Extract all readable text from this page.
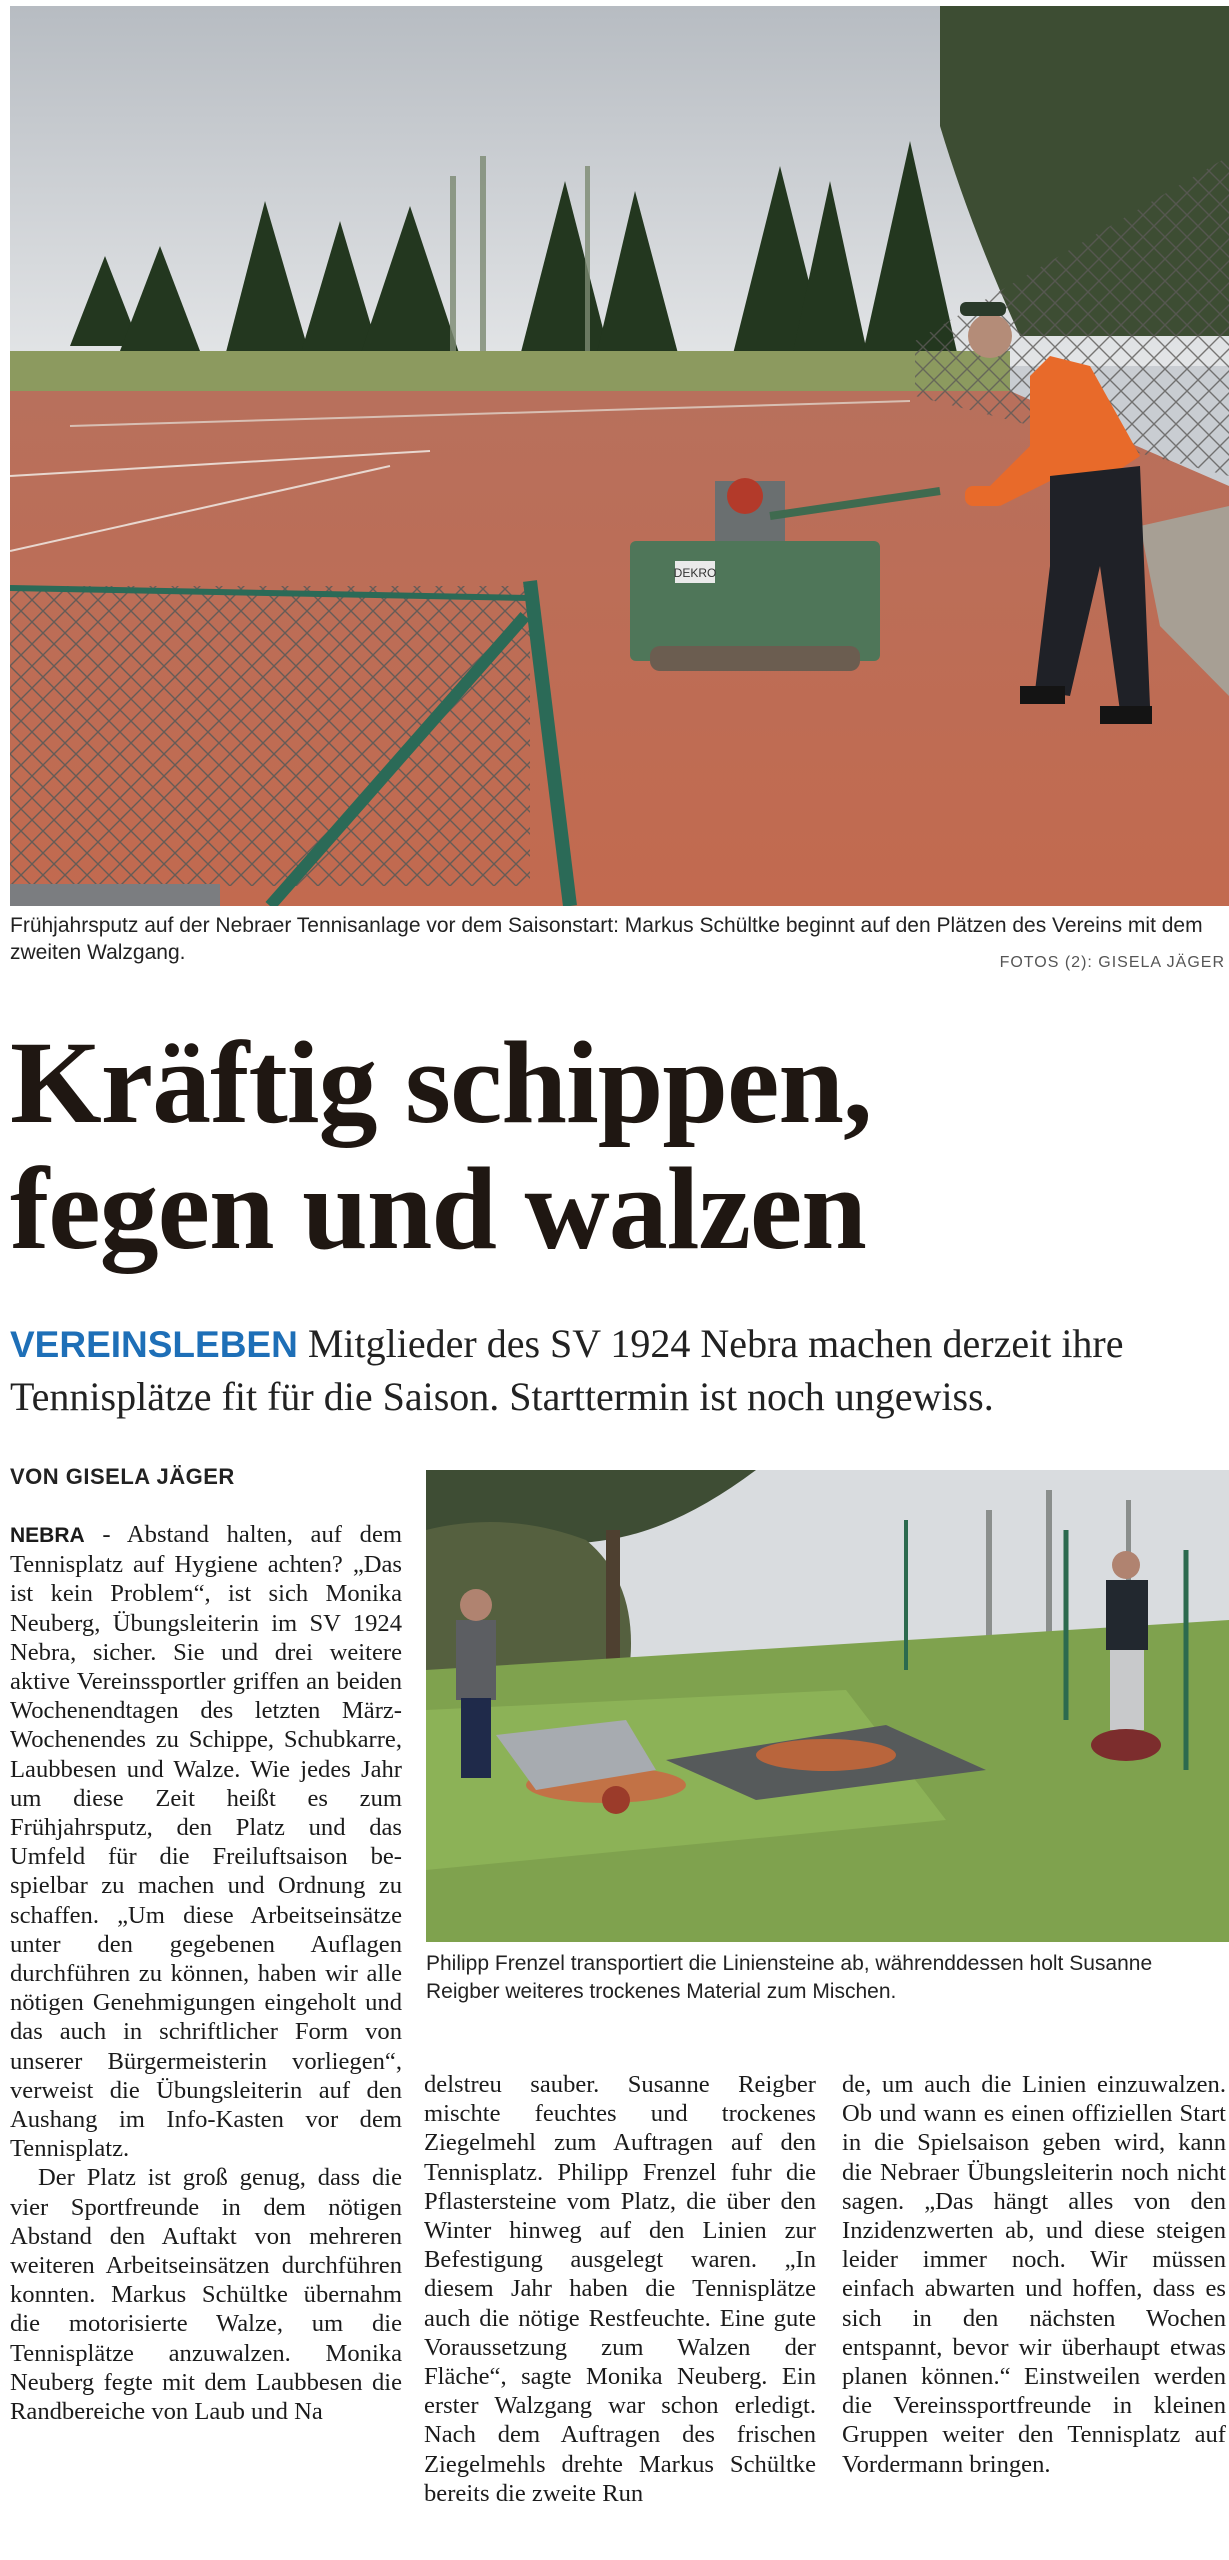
DEKRO
Frühjahrsputz auf der Nebraer Tennisanlage vor dem Saisonstart: Markus Schültke beginnt auf den Plätzen des Vereins mit dem zweiten Walzgang.	FOTOS (2): GISELA JÄGER
Kräftig schippen,
fegen und walzen
VEREINSLEBEN Mitglieder des SV 1924 Nebra machen derzeit ihre Tennisplätze fit für die Saison. Starttermin ist noch ungewiss.
VON GISELA JÄGER

NEBRA - Abstand halten, auf dem Tennisplatz auf Hygiene achten? „Das ist kein Problem“, ist sich Monika Neuberg, Übungsleiterin im SV 1924 Nebra, sicher. Sie und drei weitere aktive Vereinssportler griffen an beiden Wochenendtagen des letzten März-Wochenendes zu Schippe, Schubkarre, Laubbesen und Walze. Wie jedes Jahr um diese Zeit heißt es zum Frühjahrsputz, den Platz und das Umfeld für die Freiluftsaison bespielbar zu machen und Ordnung zu schaffen. „Um diese Arbeitseinsätze unter den gegebenen Auflagen durchführen zu können, haben wir alle nötigen Genehmigungen eingeholt und das auch in schriftlicher Form von unserer Bürgermeisterin vorliegen“, verweist die Übungsleiterin auf den Aushang im Info-Kasten vor dem Tennisplatz.

Der Platz ist groß genug, dass die vier Sportfreunde in dem nötigen Abstand den Auftakt von mehreren weiteren Arbeitseinsätzen durchführen konnten. Markus Schültke übernahm die motorisierte Walze, um die Tennisplätze anzuwalzen. Monika Neuberg fegte mit dem Laubbesen die Randbereiche von Laub und Na

Philipp Frenzel transportiert die Liniensteine ab, währenddessen holt Susanne Reigber weiteres trockenes Material zum Mischen.

delstreu sauber. Susanne Reigber mischte feuchtes und trockenes Ziegelmehl zum Auftragen auf den Tennisplatz. Philipp Frenzel fuhr die Pflastersteine vom Platz, die über den Winter hinweg auf den Linien zur Befestigung ausgelegt waren. „In diesem Jahr haben die Tennisplätze auch die nötige Restfeuchte. Eine gute Voraussetzung zum Walzen der Fläche“, sagte Monika Neuberg. Ein erster Walzgang war schon erledigt. Nach dem Auftragen des frischen Ziegelmehls drehte Markus Schültke bereits die zweite Run

de, um auch die Linien einzuwalzen. Ob und wann es einen offiziellen Start in die Spielsaison geben wird, kann die Nebraer Übungsleiterin noch nicht sagen. „Das hängt alles von den Inzidenzwerten ab, und diese steigen leider immer noch. Wir müssen einfach abwarten und hoffen, dass es sich in den nächsten Wochen entspannt, bevor wir überhaupt etwas planen können.“ Einstweilen werden die Vereinssportfreunde in kleinen Gruppen weiter den Tennisplatz auf Vordermann bringen.
